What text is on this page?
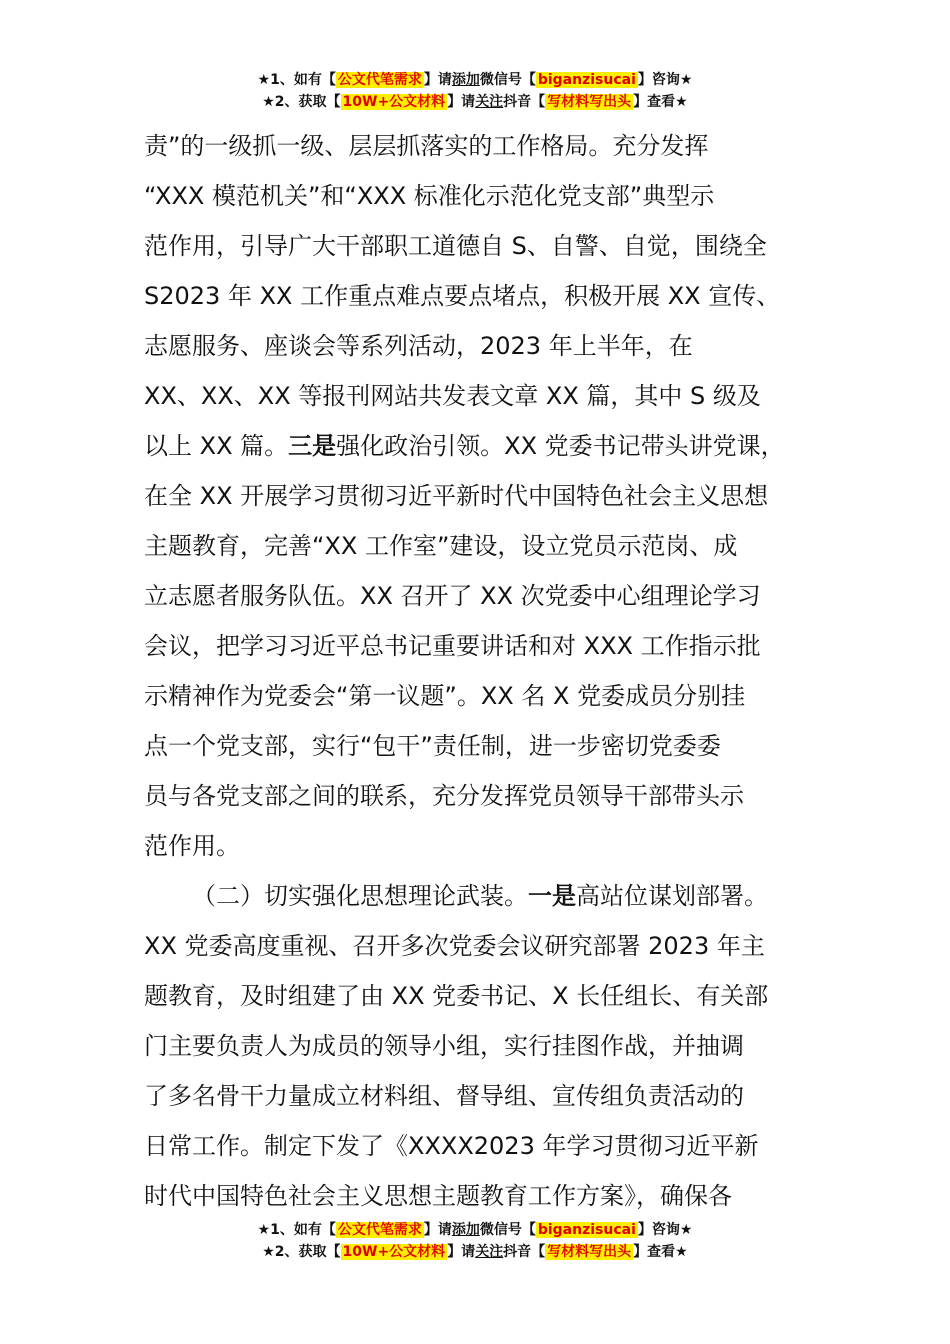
★1、如有【 公文代笔需求 】请添加微信号【 biganzisucai 】咨询★
★2、获取【 10W+公文材料 】请关注抖音【 写材料写出头 】查看★
责”的一级抓一级、层层抓落实的工作格局。充分发挥
“XXX 模范机关”和“XXX 标准化示范化党支部”典型示
范作用，引导广大干部职工道德自 S、自警、自觉，围绕全
S2023 年 XX 工作重点难点要点堵点，积极开展 XX 宣传、
志愿服务、座谈会等系列活动，2023 年上半年，在
XX、XX、XX 等报刊网站共发表文章 XX 篇，其中 S 级及
以上 XX 篇。三是强化政治引领。XX 党委书记带头讲党课，
在全 XX 开展学习贯彻习近平新时代中国特色社会主义思想
主题教育，完善“XX 工作室”建设，设立党员示范岗、成
立志愿者服务队伍。XX 召开了 XX 次党委中心组理论学习
会议，把学习习近平总书记重要讲话和对 XXX 工作指示批
示精神作为党委会“第一议题”。XX 名 X 党委成员分别挂
点一个党支部，实行“包干”责任制，进一步密切党委委
员与各党支部之间的联系，充分发挥党员领导干部带头示
范作用。
（二）切实强化思想理论武装。一是高站位谋划部署。
XX 党委高度重视、召开多次党委会议研究部署 2023 年主
题教育，及时组建了由 XX 党委书记、X 长任组长、有关部
门主要负责人为成员的领导小组，实行挂图作战，并抽调
了多名骨干力量成立材料组、督导组、宣传组负责活动的
日常工作。制定下发了《XXXX2023 年学习贯彻习近平新
时代中国特色社会主义思想主题教育工作方案》，确保各
★1、如有【 公文代笔需求 】请添加微信号【 biganzisucai 】咨询★
★2、获取【 10W+公文材料 】请关注抖音【 写材料写出头 】查看★
